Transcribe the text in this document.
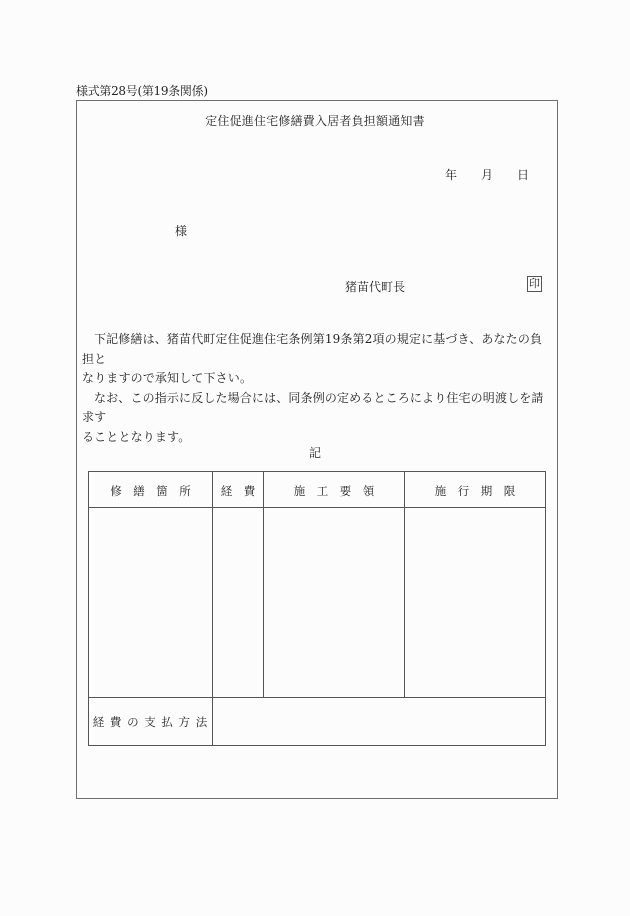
様式第28号(第19条関係)
定住促進住宅修繕費入居者負担額通知書
年 月 日
様
猪苗代町長	印

下記修繕は、猪苗代町定住促進住宅条例第19条第2項の規定に基づき、あなたの負担と

なりますので承知して下さい。

なお、この指示に反した場合には、同条例の定めるところにより住宅の明渡しを請求す

ることとなります。

記
修　繕　箇　所	経　費	施　工　要　領	施　行　期　限
経 費 の 支 払 方 法
